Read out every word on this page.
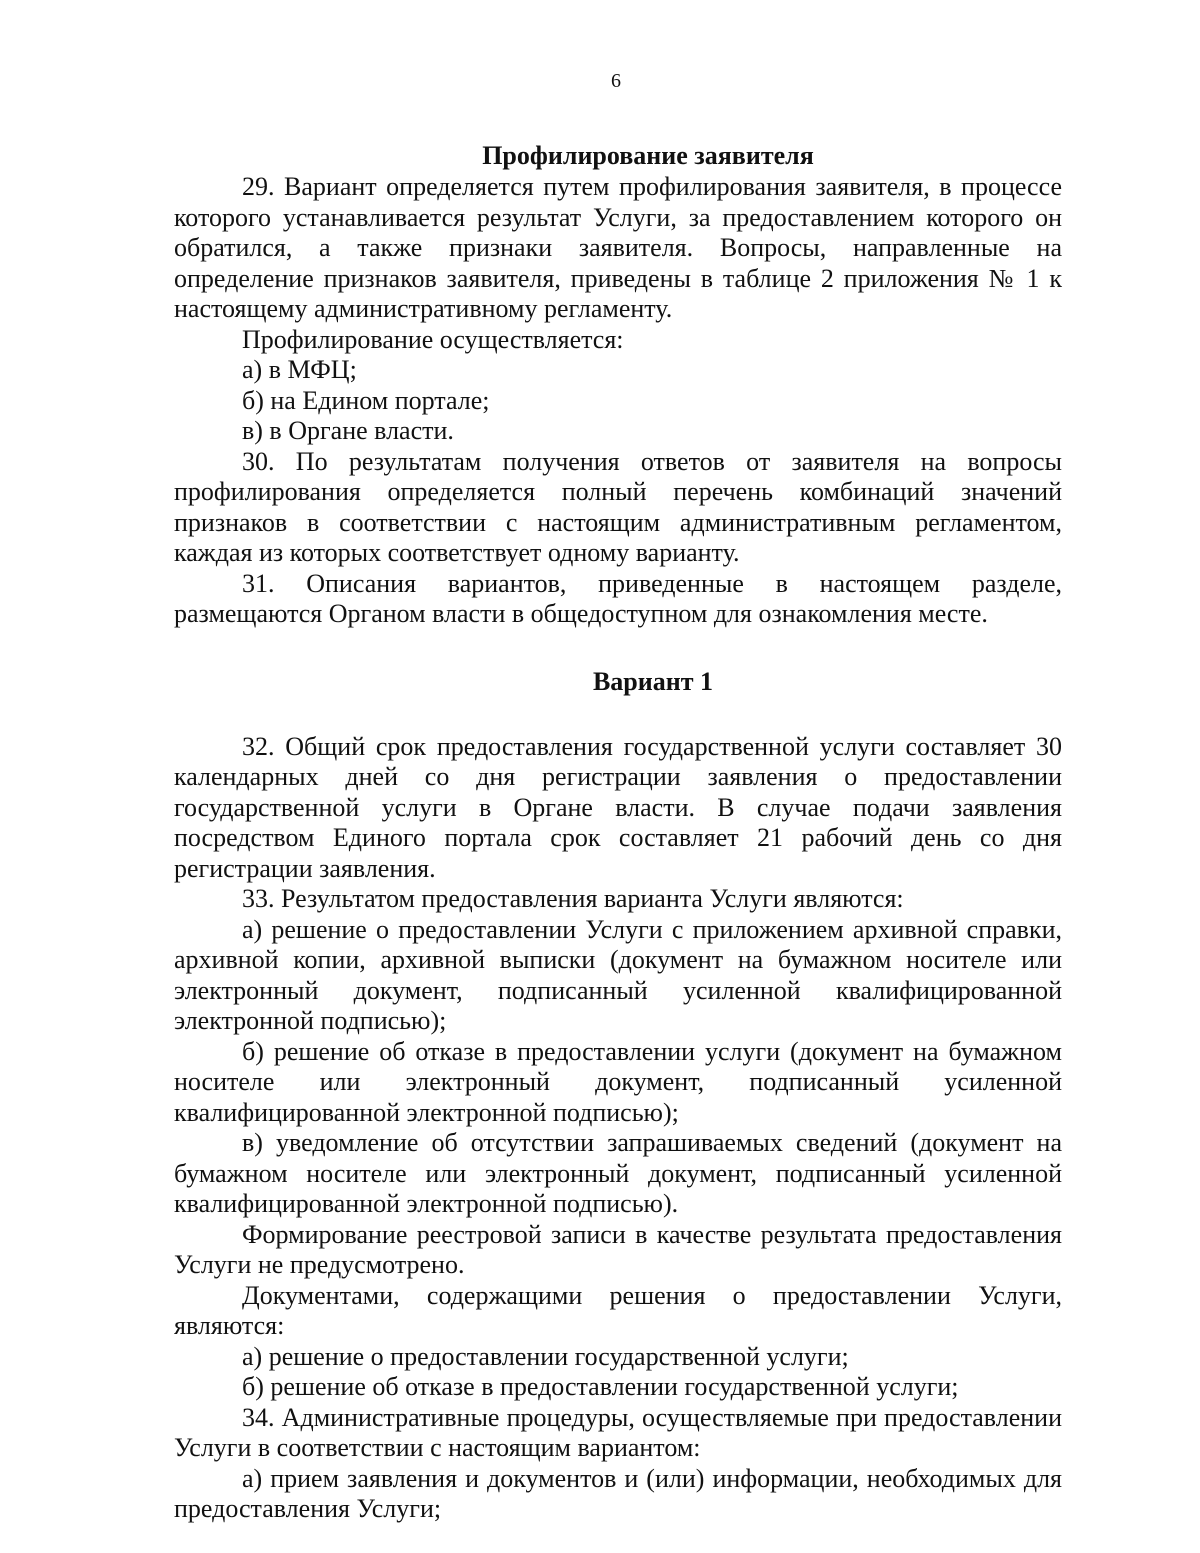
6
Профилирование заявителя

29. Вариант определяется путем профилирования заявителя, в процессе которого устанавливается результат Услуги, за предоставлением которого он обратился, а также признаки заявителя. Вопросы, направленные на определение признаков заявителя, приведены в таблице 2 приложения № 1 к настоящему административному регламенту.

Профилирование осуществляется:

а) в МФЦ;

б) на Едином портале;

в) в Органе власти.

30. По результатам получения ответов от заявителя на вопросы профилирования определяется полный перечень комбинаций значений признаков в соответствии с настоящим административным регламентом, каждая из которых соответствует одному варианту.

31. Описания вариантов, приведенные в настоящем разделе, размещаются Органом власти в общедоступном для ознакомления месте.

Вариант 1

32. Общий срок предоставления государственной услуги составляет 30 календарных дней со дня регистрации заявления о предоставлении государственной услуги в Органе власти. В случае подачи заявления посредством Единого портала срок составляет 21 рабочий день со дня регистрации заявления.

33. Результатом предоставления варианта Услуги являются:

а) решение о предоставлении Услуги с приложением архивной справки, архивной копии, архивной выписки (документ на бумажном носителе или электронный документ, подписанный усиленной квалифицированной электронной подписью);

б) решение об отказе в предоставлении услуги (документ на бумажном носителе или электронный документ, подписанный усиленной квалифицированной электронной подписью);

в) уведомление об отсутствии запрашиваемых сведений (документ на бумажном носителе или электронный документ, подписанный усиленной квалифицированной электронной подписью).

Формирование реестровой записи в качестве результата предоставления Услуги не предусмотрено.

Документами, содержащими решения о предоставлении Услуги, являются:

а) решение о предоставлении государственной услуги;

б) решение об отказе в предоставлении государственной услуги;

34. Административные процедуры, осуществляемые при предоставлении Услуги в соответствии с настоящим вариантом:

а) прием заявления и документов и (или) информации, необходимых для предоставления Услуги;
